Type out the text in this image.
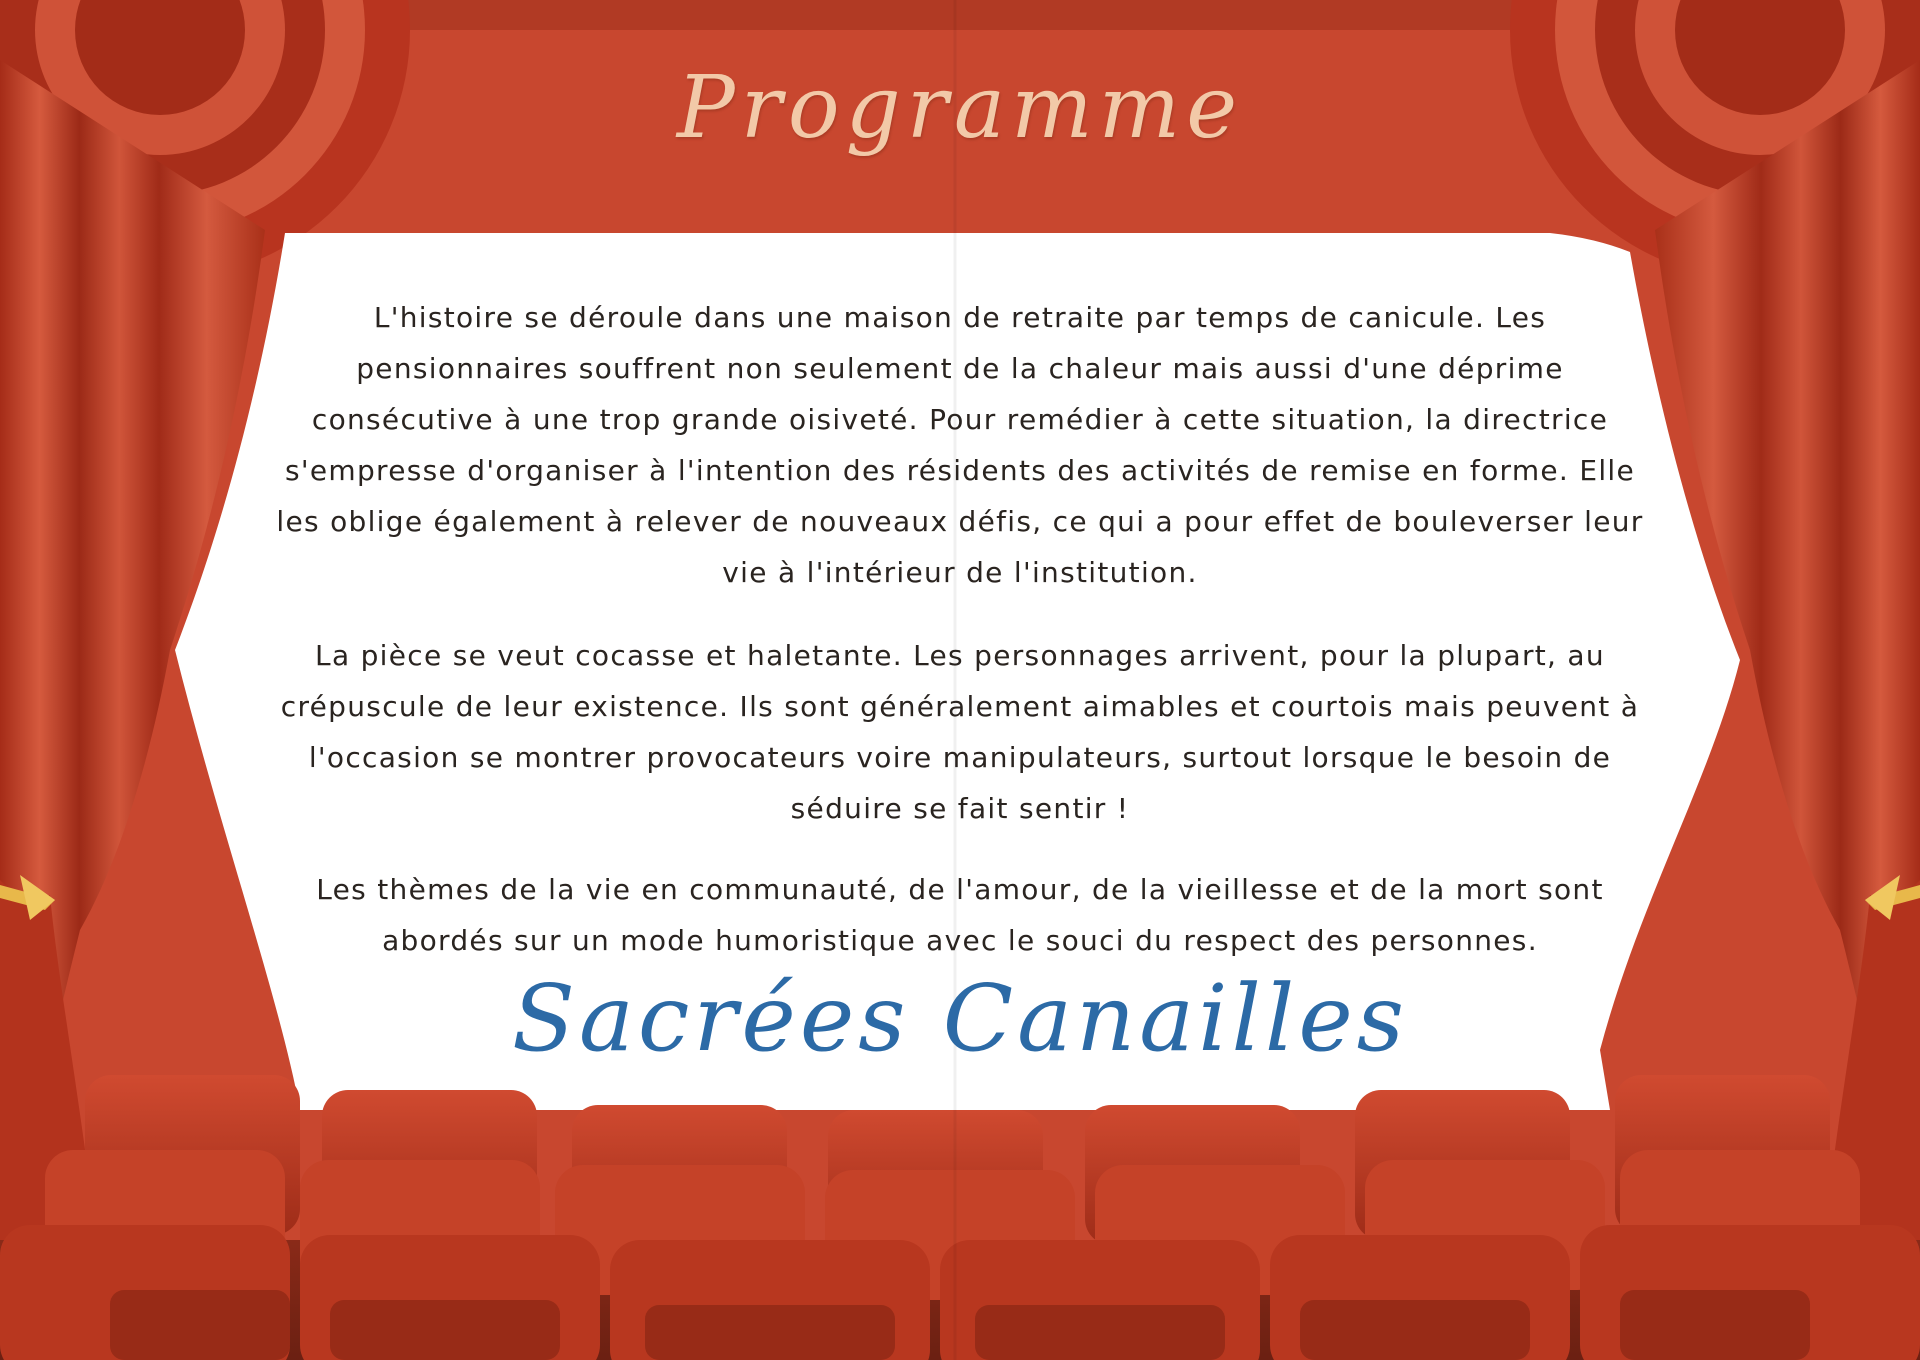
Programme

L'histoire se déroule dans une maison de retraite par temps de canicule. Les pensionnaires souffrent non seulement de la chaleur mais aussi d'une déprime consécutive à une trop grande oisiveté. Pour remédier à cette situation, la directrice s'empresse d'organiser à l'intention des résidents des activités de remise en forme. Elle les oblige également à relever de nouveaux défis, ce qui a pour effet de bouleverser leur vie à l'intérieur de l'institution.

La pièce se veut cocasse et haletante. Les personnages arrivent, pour la plupart, au crépuscule de leur existence. Ils sont généralement aimables et courtois mais peuvent à l'occasion se montrer provocateurs voire manipulateurs, surtout lorsque le besoin de séduire se fait sentir !

Les thèmes de la vie en communauté, de l'amour, de la vieillesse et de la mort sont abordés sur un mode humoristique avec le souci du respect des personnes.

Sacrées Canailles
